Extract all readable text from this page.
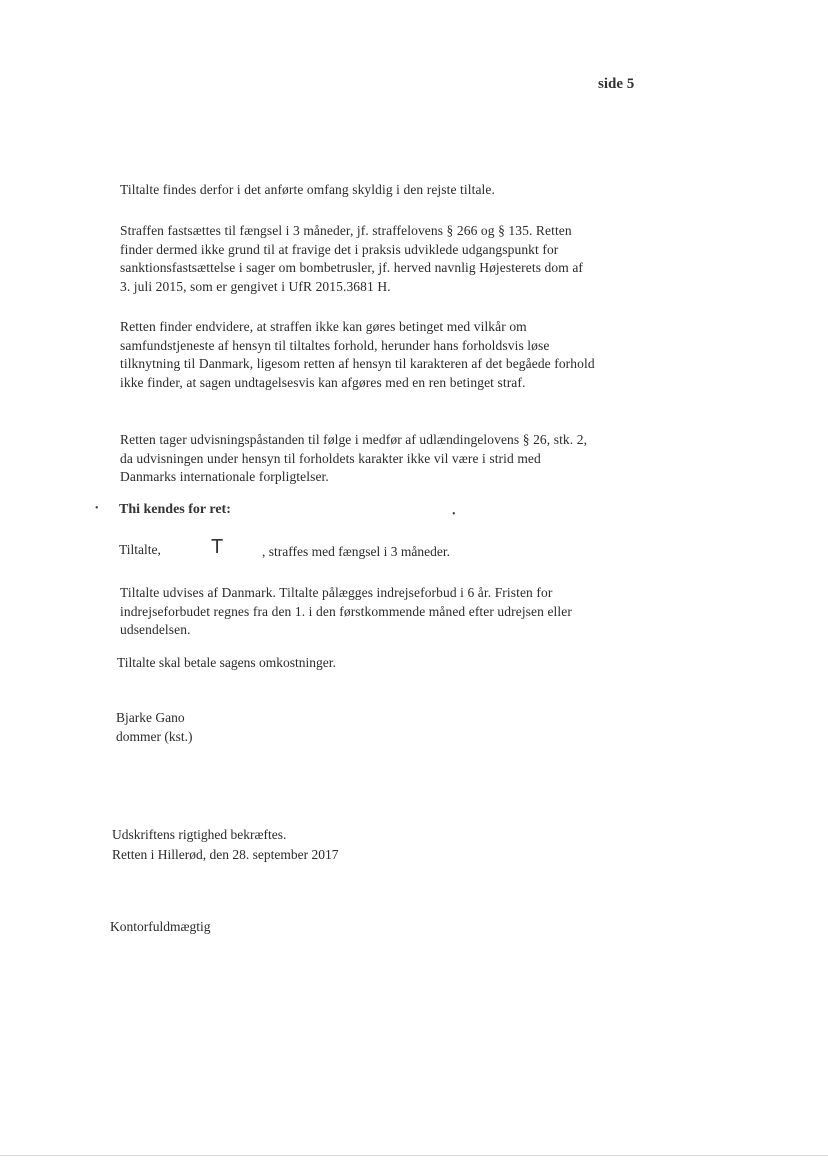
side 5

Tiltalte findes derfor i det anførte omfang skyldig i den rejste tiltale.

Straffen fastsættes til fængsel i 3 måneder, jf. straffelovens § 266 og § 135. Retten finder dermed ikke grund til at fravige det i praksis udviklede udgangspunkt for sanktionsfastsættelse i sager om bombetrusler, jf. herved navnlig Højesterets dom af 3. juli 2015, som er gengivet i UfR 2015.3681 H.

Retten finder endvidere, at straffen ikke kan gøres betinget med vilkår om samfundstjeneste af hensyn til tiltaltes forhold, herunder hans forholdsvis løse tilknytning til Danmark, ligesom retten af hensyn til karakteren af det begåede forhold ikke finder, at sagen undtagelsesvis kan afgøres med en ren betinget straf.

Retten tager udvisningspåstanden til følge i medfør af udlændingelovens § 26, stk. 2, da udvisningen under hensyn til forholdets karakter ikke vil være i strid med Danmarks internationale forpligtelser.

• Thi kendes for ret:	•
Tiltalte,	T	, straffes med fængsel i 3 måneder.

Tiltalte udvises af Danmark. Tiltalte pålægges indrejseforbud i 6 år. Fristen for indrejseforbudet regnes fra den 1. i den førstkommende måned efter udrejsen eller udsendelsen.

Tiltalte skal betale sagens omkostninger.
Bjarke Gano
dommer (kst.)
Udskriftens rigtighed bekræftes.
Retten i Hillerød, den 28. september 2017
Kontorfuldmægtig
